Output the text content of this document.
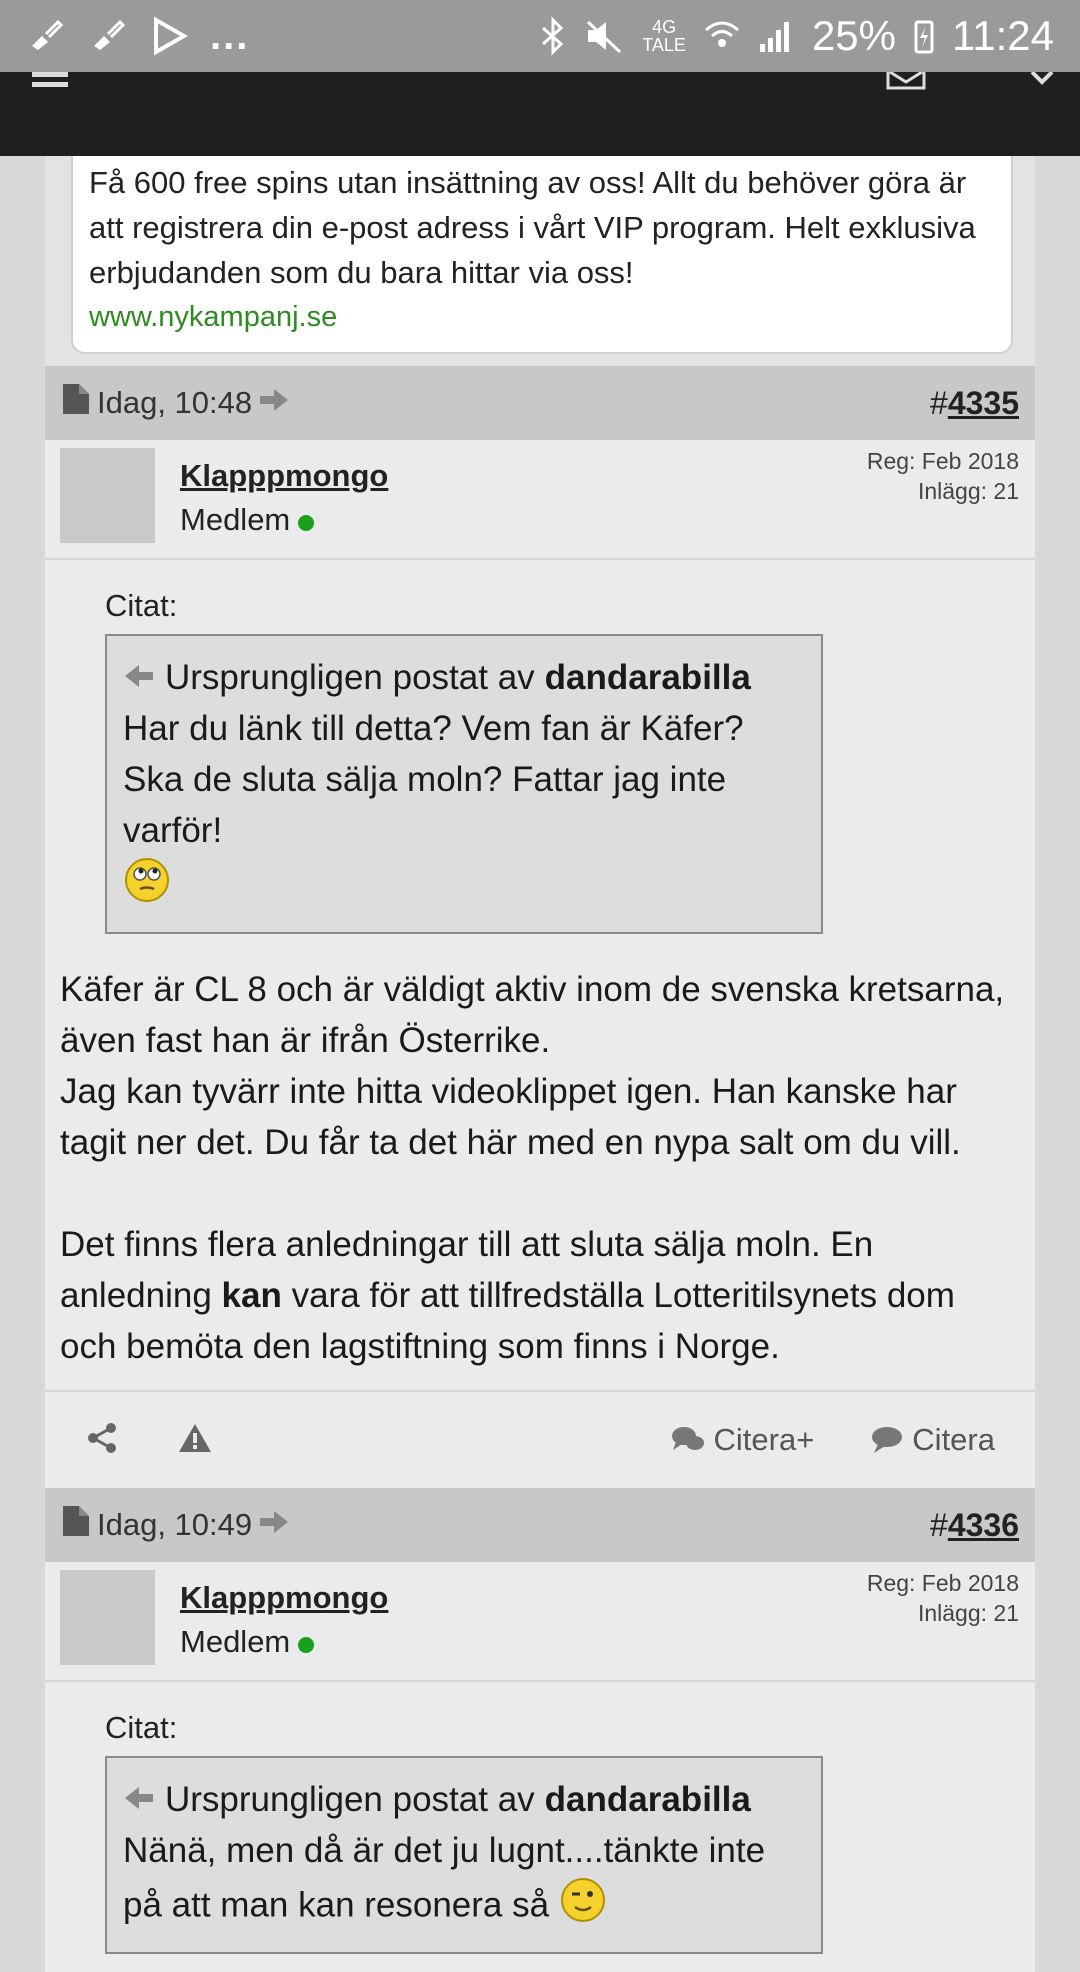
...	4G
TALE	25% 11:24
Få 600 free spins utan insättning av oss! Allt du behöver göra är att registrera din e-post adress i vårt VIP program. Helt exklusiva erbjudanden som du bara hittar via oss!
www.nykampanj.se
Idag, 10:48	#4335
Klapppmongo
Medlem
Reg: Feb 2018
Inlägg: 21
Citat:
Ursprungligen postat av dandarabilla
Har du länk till detta? Vem fan är Käfer? Ska de sluta sälja moln? Fattar jag inte varför!

Käfer är CL 8 och är väldigt aktiv inom de svenska kretsarna, även fast han är ifrån Österrike.

Jag kan tyvärr inte hitta videoklippet igen. Han kanske har tagit ner det. Du får ta det här med en nypa salt om du vill.

Det finns flera anledningar till att sluta sälja moln. En anledning kan vara för att tillfredställa Lotteritilsynets dom och bemöta den lagstiftning som finns i Norge.

Citera+	Citera
Idag, 10:49	#4336
Klapppmongo
Medlem
Reg: Feb 2018
Inlägg: 21
Citat:
Ursprungligen postat av dandarabilla
Nänä, men då är det ju lugnt....tänkte inte på att man kan resonera så
